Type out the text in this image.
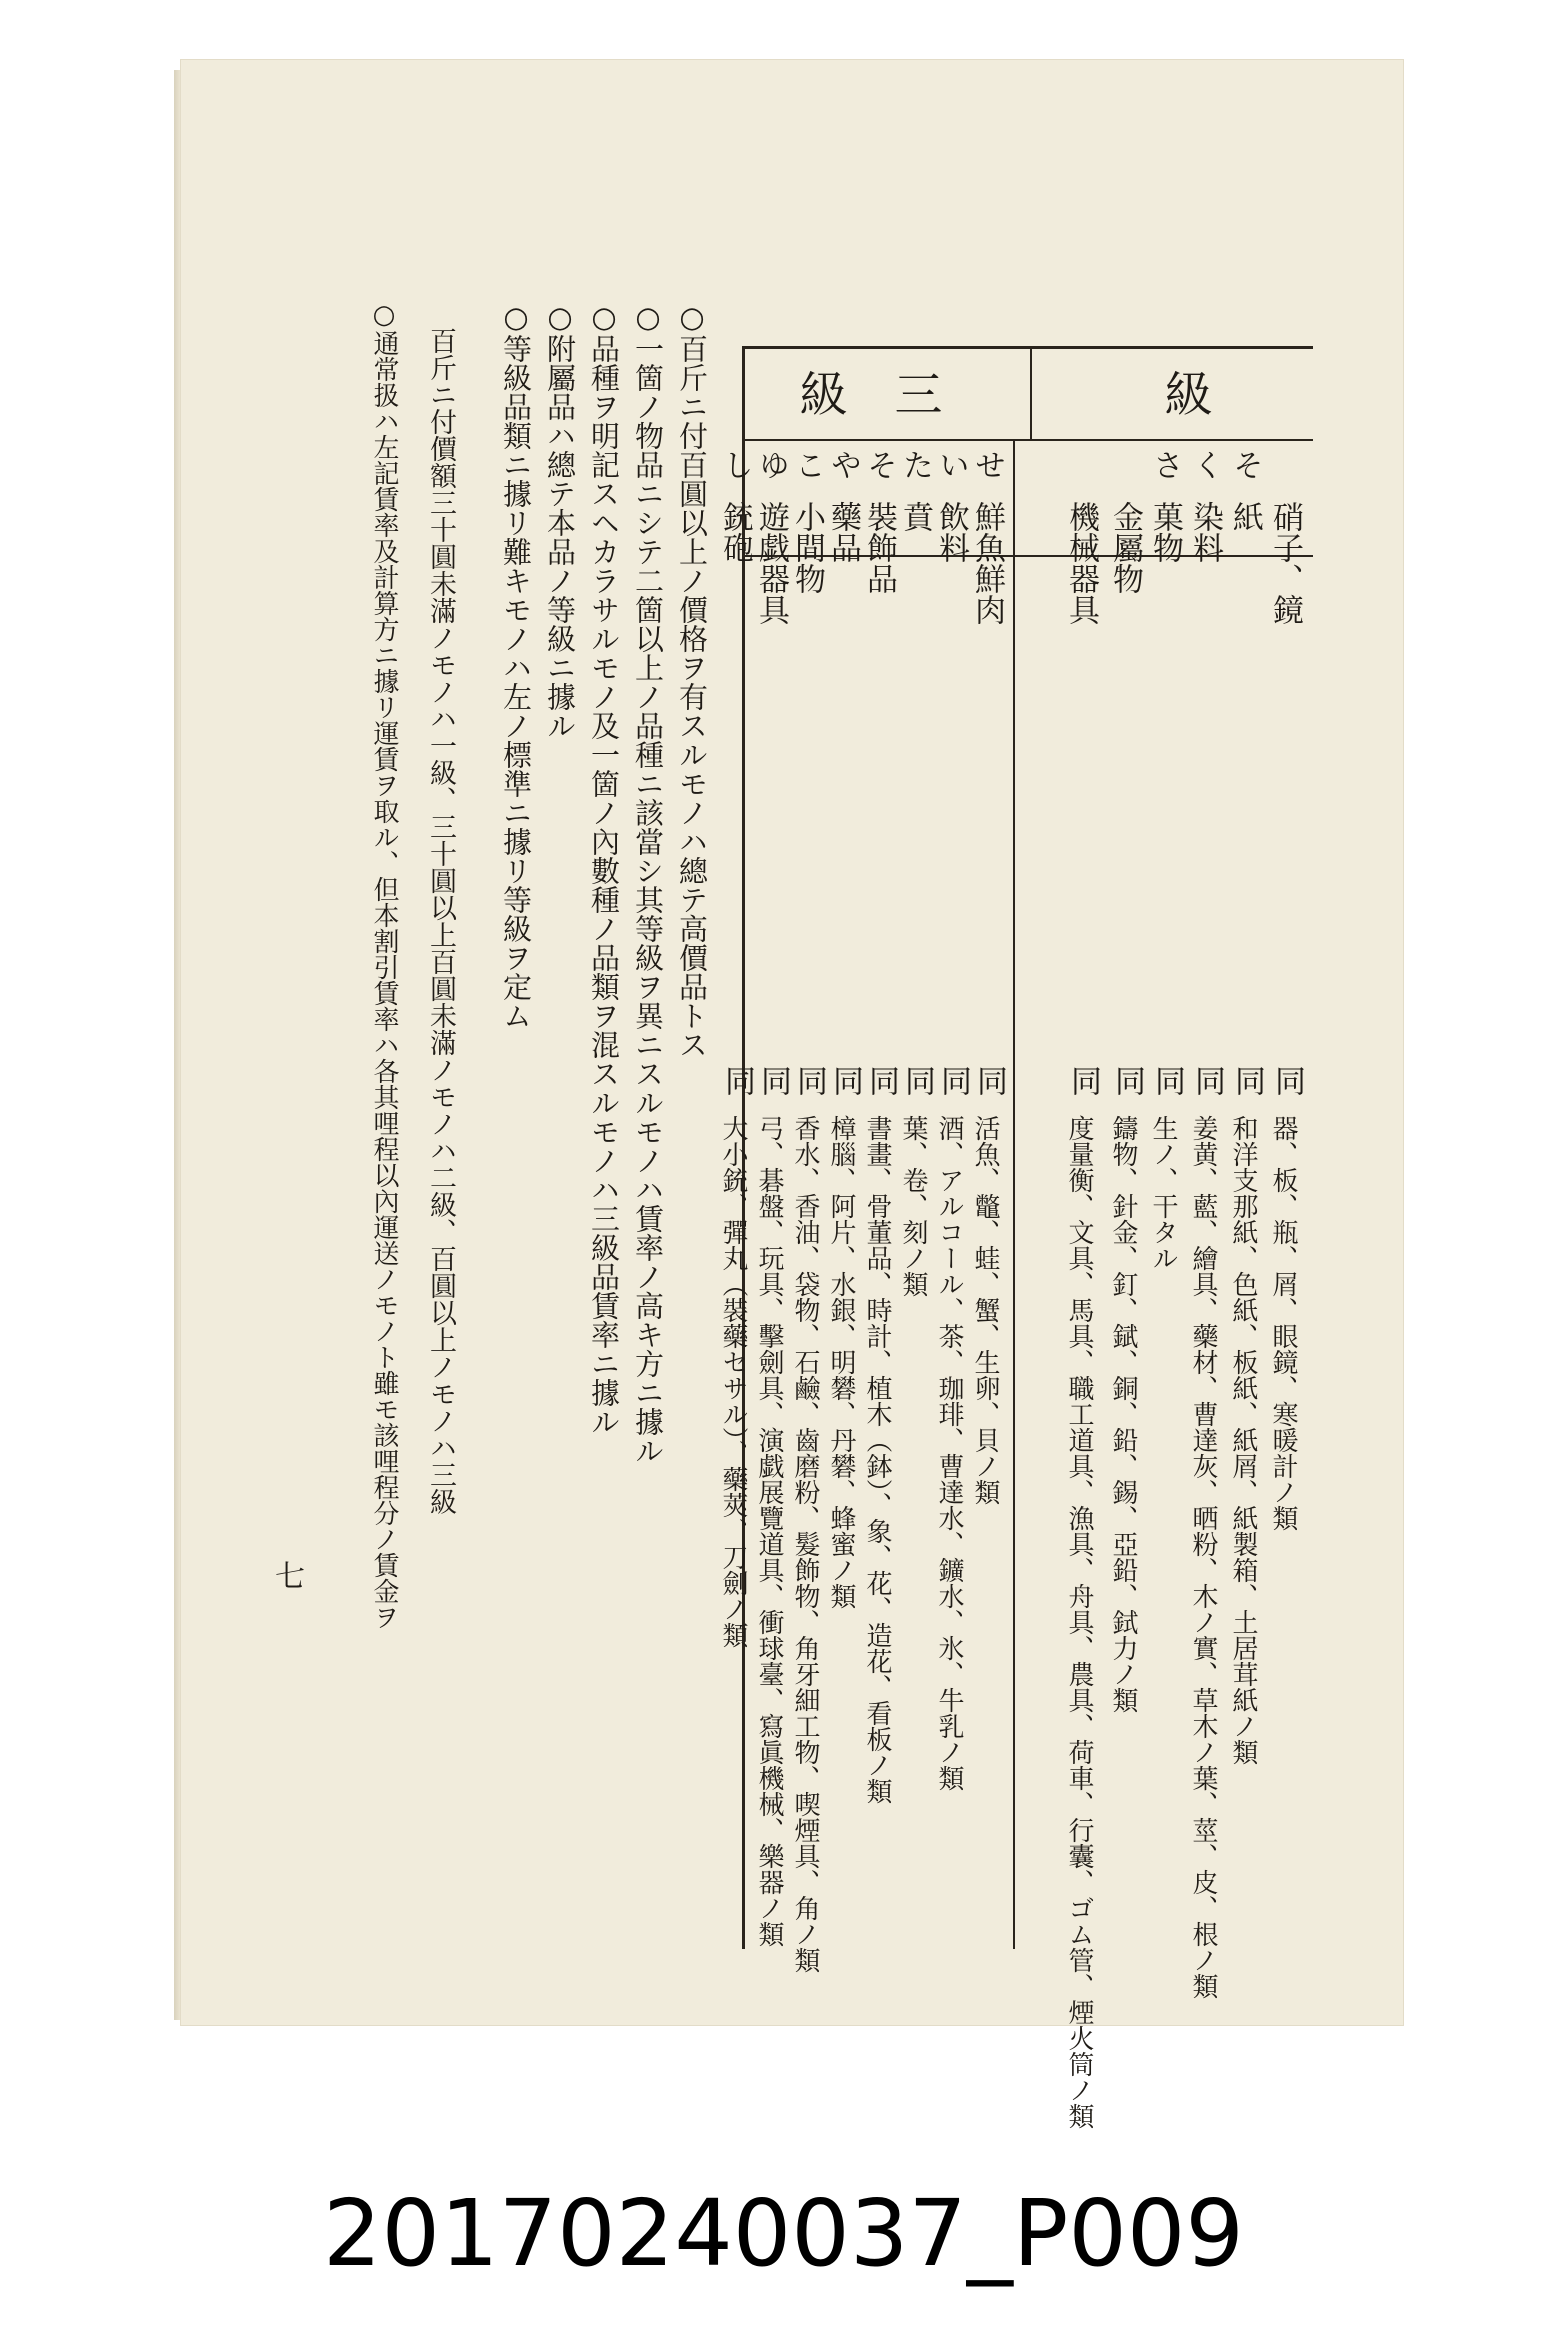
級
三
級
硝子、鏡
そ
紙
く
染料
さ
菓物
金屬物
機械器具
せ
鮮魚鮮肉
い
飲料
た
賁
そ
裝飾品
や
藥品
こ
小間物
ゆ
遊戯器具
し
銃砲
同
同
同
同
同
同
同
同
同
同
同
同
同
同
器、板、瓶、屑、眼鏡、寒暖計ノ類
和洋支那紙、色紙、板紙、紙屑、紙製箱、土居茸紙ノ類
姜黄、藍、繪具、藥材、曹達灰、晒粉、木ノ實、草木ノ葉、莖、皮、根ノ類
生ノ、干タル
鑄物、針金、釘、錻、銅、鉛、錫、亞鉛、鉽力ノ類
度量衡、文具、馬具、職工道具、漁具、舟具、農具、荷車、行囊、ゴム管、煙火筒ノ類
活魚、鼈、蛙、蟹、生卵、貝ノ類
酒、アルコール、茶、珈琲、曹達水、鑛水、氷、牛乳ノ類
葉、卷、刻ノ類
書畫、骨董品、時計、植木（鉢）、象、花、造花、看板ノ類
樟腦、阿片、水銀、明礬、丹礬、蜂蜜ノ類
香水、香油、袋物、石鹼、齒磨粉、髮飾物、角牙細工物、喫煙具、角ノ類
弓、碁盤、玩具、擊劍具、演戯展覽道具、衝球臺、寫眞機械、樂器ノ類
大小銃、彈丸（裝藥セサル）、藥莢、刀劍ノ類
○百斤ニ付百圓以上ノ價格ヲ有スルモノハ總テ高價品トス
○一箇ノ物品ニシテ二箇以上ノ品種ニ該當シ其等級ヲ異ニスルモノハ賃率ノ高キ方ニ據ル
○品種ヲ明記スヘカラサルモノ及一箇ノ內數種ノ品類ヲ混スルモノハ三級品賃率ニ據ル
○附屬品ハ總テ本品ノ等級ニ據ル
○等級品類ニ據リ難キモノハ左ノ標準ニ據リ等級ヲ定ム
　百斤ニ付價額三十圓未滿ノモノハ一級、三十圓以上百圓未滿ノモノハ二級、百圓以上ノモノハ三級
○通常扱ハ左記賃率及計算方ニ據リ運賃ヲ取ル、但本割引賃率ハ各其哩程以內運送ノモノト雖モ該哩程分ノ賃金ヲ
七
20170240037_P009
